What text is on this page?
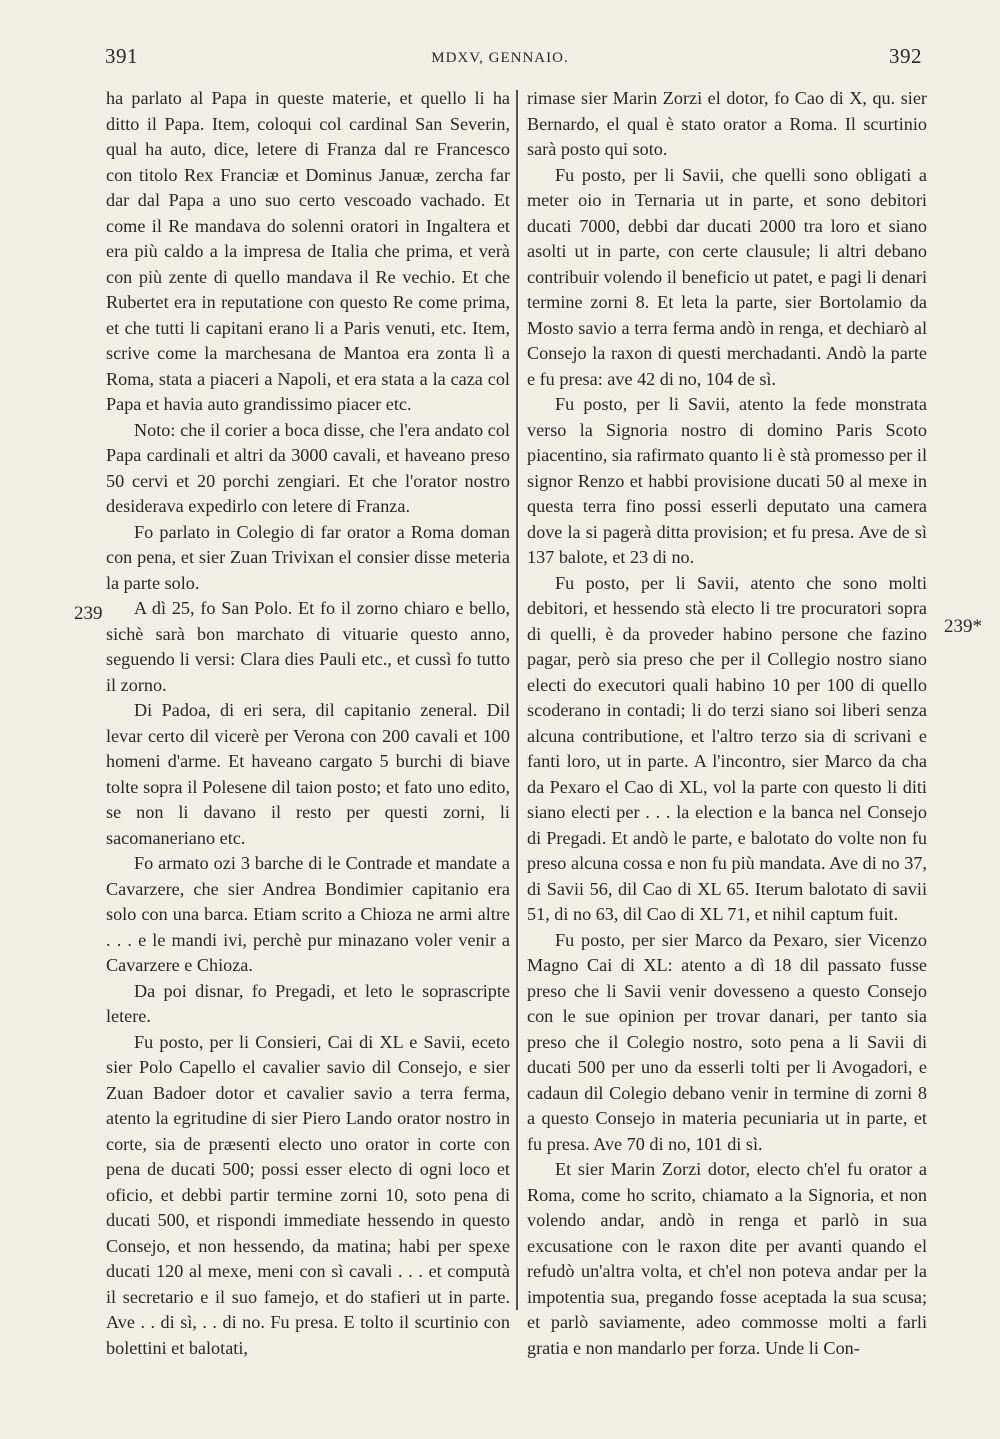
391	MDXV, GENNAIO.	392
239
239*

ha parlato al Papa in queste materie, et quello li ha ditto il Papa. Item, coloqui col cardinal San Severin, qual ha auto, dice, letere di Franza dal re Francesco con titolo Rex Franciæ et Dominus Januæ, zercha far dar dal Papa a uno suo certo vescoado vachado. Et come il Re mandava do solenni oratori in Ingaltera et era più caldo a la impresa de Italia che prima, et verà con più zente di quello mandava il Re vechio. Et che Rubertet era in reputatione con questo Re come prima, et che tutti li capitani erano li a Paris venuti, etc. Item, scrive come la marchesana de Mantoa era zonta lì a Roma, stata a piaceri a Napoli, et era stata a la caza col Papa et havia auto grandissimo piacer etc.

Noto: che il corier a boca disse, che l'era andato col Papa cardinali et altri da 3000 cavali, et haveano preso 50 cervi et 20 porchi zengiari. Et che l'orator nostro desiderava expedirlo con letere di Franza.

Fo parlato in Colegio di far orator a Roma doman con pena, et sier Zuan Trivixan el consier disse meteria la parte solo.

A dì 25, fo San Polo. Et fo il zorno chiaro e bello, sichè sarà bon marchato di vituarie questo anno, seguendo li versi: Clara dies Pauli etc., et cussì fo tutto il zorno.

Di Padoa, di eri sera, dil capitanio zeneral. Dil levar certo dil vicerè per Verona con 200 cavali et 100 homeni d'arme. Et haveano cargato 5 burchi di biave tolte sopra il Polesene dil taion posto; et fato uno edito, se non li davano il resto per questi zorni, li sacomaneriano etc.

Fo armato ozi 3 barche di le Contrade et mandate a Cavarzere, che sier Andrea Bondimier capitanio era solo con una barca. Etiam scrito a Chioza ne armi altre . . . e le mandi ivi, perchè pur minazano voler venir a Cavarzere e Chioza.

Da poi disnar, fo Pregadi, et leto le soprascripte letere.

Fu posto, per li Consieri, Cai di XL e Savii, eceto sier Polo Capello el cavalier savio dil Consejo, e sier Zuan Badoer dotor et cavalier savio a terra ferma, atento la egritudine di sier Piero Lando orator nostro in corte, sia de præsenti electo uno orator in corte con pena de ducati 500; possi esser electo di ogni loco et oficio, et debbi partir termine zorni 10, soto pena di ducati 500, et rispondi immediate hessendo in questo Consejo, et non hessendo, da matina; habi per spexe ducati 120 al mexe, meni con sì cavali . . . et computà il secretario e il suo famejo, et do stafieri ut in parte. Ave . . di sì, . . di no. Fu presa. E tolto il scurtinio con bolettini et balotati,

rimase sier Marin Zorzi el dotor, fo Cao di X, qu. sier Bernardo, el qual è stato orator a Roma. Il scurtinio sarà posto qui soto.

Fu posto, per li Savii, che quelli sono obligati a meter oio in Ternaria ut in parte, et sono debitori ducati 7000, debbi dar ducati 2000 tra loro et siano asolti ut in parte, con certe clausule; li altri debano contribuir volendo il beneficio ut patet, e pagi li denari termine zorni 8. Et leta la parte, sier Bortolamio da Mosto savio a terra ferma andò in renga, et dechiarò al Consejo la raxon di questi merchadanti. Andò la parte e fu presa: ave 42 di no, 104 de sì.

Fu posto, per li Savii, atento la fede monstrata verso la Signoria nostro di domino Paris Scoto piacentino, sia rafirmato quanto li è stà promesso per il signor Renzo et habbi provisione ducati 50 al mexe in questa terra fino possi esserli deputato una camera dove la si pagerà ditta provision; et fu presa. Ave de sì 137 balote, et 23 di no.

Fu posto, per li Savii, atento che sono molti debitori, et hessendo stà electo li tre procuratori sopra di quelli, è da proveder habino persone che fazino pagar, però sia preso che per il Collegio nostro siano electi do executori quali habino 10 per 100 di quello scoderano in contadi; li do terzi siano soi liberi senza alcuna contributione, et l'altro terzo sia di scrivani e fanti loro, ut in parte. A l'incontro, sier Marco da cha da Pexaro el Cao di XL, vol la parte con questo li diti siano electi per . . . la election e la banca nel Consejo di Pregadi. Et andò le parte, e balotato do volte non fu preso alcuna cossa e non fu più mandata. Ave di no 37, di Savii 56, dil Cao di XL 65. Iterum balotato di savii 51, di no 63, dil Cao di XL 71, et nihil captum fuit.

Fu posto, per sier Marco da Pexaro, sier Vicenzo Magno Cai di XL: atento a dì 18 dil passato fusse preso che li Savii venir dovesseno a questo Consejo con le sue opinion per trovar danari, per tanto sia preso che il Colegio nostro, soto pena a li Savii di ducati 500 per uno da esserli tolti per li Avogadori, e cadaun dil Colegio debano venir in termine di zorni 8 a questo Consejo in materia pecuniaria ut in parte, et fu presa. Ave 70 di no, 101 di sì.

Et sier Marin Zorzi dotor, electo ch'el fu orator a Roma, come ho scrito, chiamato a la Signoria, et non volendo andar, andò in renga et parlò in sua excusatione con le raxon dite per avanti quando el refudò un'altra volta, et ch'el non poteva andar per la impotentia sua, pregando fosse aceptada la sua scusa; et parlò saviamente, adeo commosse molti a farli gratia e non mandarlo per forza. Unde li Con-
